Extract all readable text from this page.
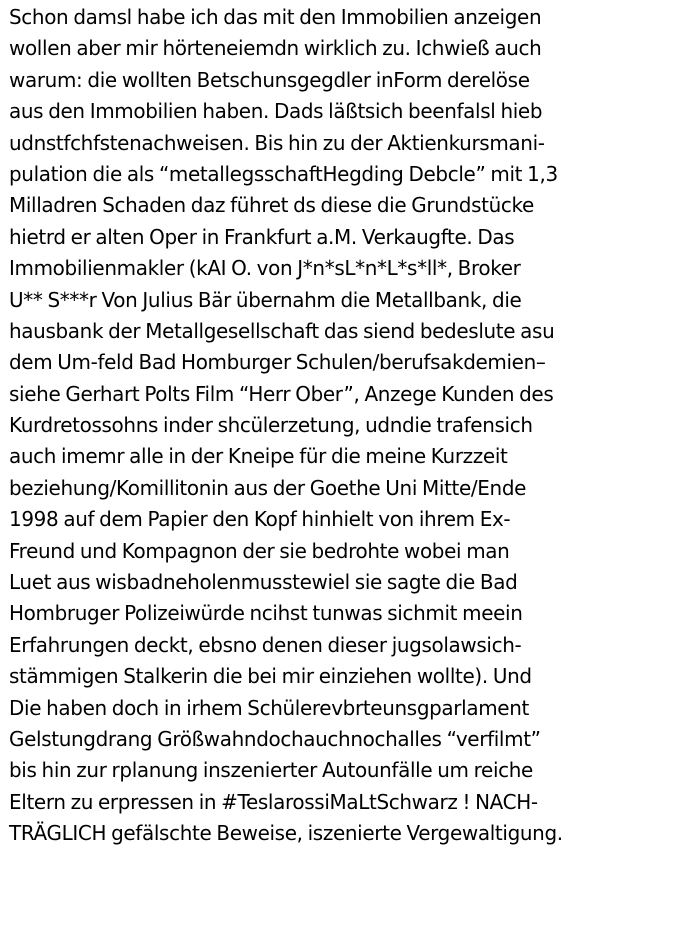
Schon damsl habe ich das mit den Immobilien anzeigen
wollen aber mir hörteneiemdn wirklich zu. Ichwieß auch
warum: die wollten Betschunsgegdler inForm derelöse
aus den Immobilien haben. Dads läßtsich beenfalsl hieb
udnstfchfstenachweisen. Bis hin zu der Aktienkursmani-
pulation die als “metallegsschaftHegding Debcle” mit 1,3
Milladren Schaden daz führet ds diese die Grundstücke
hietrd er alten Oper in Frankfurt a.M. Verkaugfte. Das
Immobilienmakler (kAI O. von J*n*sL*n*L*s*ll*, Broker
U** S***r Von Julius Bär übernahm die Metallbank, die
hausbank der Metallgesellschaft das siend bedeslute asu
dem Um-feld Bad Homburger Schulen/berufsakdemien–
siehe Gerhart Polts Film “Herr Ober”, Anzege Kunden des
Kurdretossohns inder shcülerzetung, udndie trafensich
auch imemr alle in der Kneipe für die meine Kurzzeit
beziehung/Komillitonin aus der Goethe Uni Mitte/Ende
1998 auf dem Papier den Kopf hinhielt von ihrem Ex-
Freund und Kompagnon der sie bedrohte wobei man
Luet aus wisbadneholenmusstewiel sie sagte die Bad
Hombruger Polizeiwürde ncihst tunwas sichmit meein
Erfahrungen deckt, ebsno denen dieser jugsolawsich-
stämmigen Stalkerin die bei mir einziehen wollte). Und
Die haben doch in irhem Schülerevbrteunsgparlament
Gelstungdrang Größwahndochauchnochalles “verfilmt”
bis hin zur rplanung inszenierter Autounfälle um reiche
Eltern zu erpressen in #TeslarossiMaLtSchwarz ! NACH-
TRÄGLICH gefälschte Beweise, iszenierte Vergewaltigung.
